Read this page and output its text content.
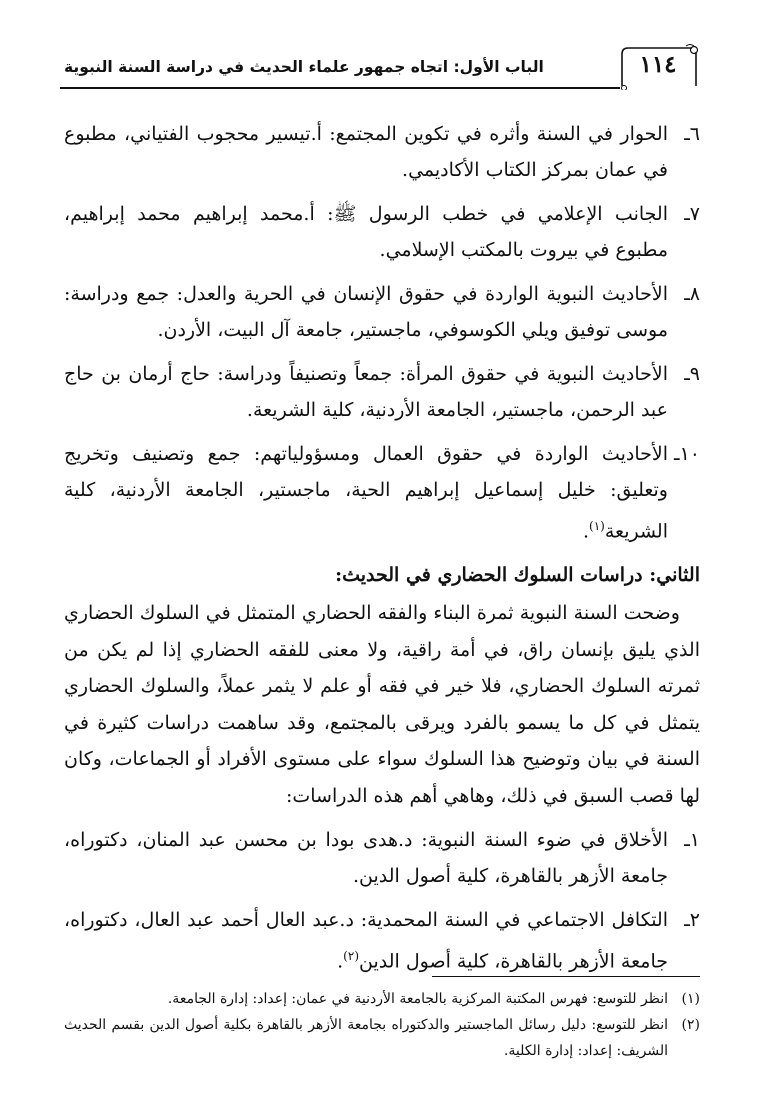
١١٤
الباب الأول: اتجاه جمهور علماء الحديث في دراسة السنة النبوية
٦ـ
الحوار في السنة وأثره في تكوين المجتمع: أ.تيسير محجوب الفتياني، مطبوع في عمان بمركز الكتاب الأكاديمي.
٧ـ
الجانب الإعلامي في خطب الرسول ﷺ: أ.محمد إبراهيم محمد إبراهيم، مطبوع في بيروت بالمكتب الإسلامي.
٨ـ
الأحاديث النبوية الواردة في حقوق الإنسان في الحرية والعدل: جمع ودراسة: موسى توفيق ويلي الكوسوفي، ماجستير، جامعة آل البيت، الأردن.
٩ـ
الأحاديث النبوية في حقوق المرأة: جمعاً وتصنيفاً ودراسة: حاج أرمان بن حاج عبد الرحمن، ماجستير، الجامعة الأردنية، كلية الشريعة.
١٠ـ
الأحاديث الواردة في حقوق العمال ومسؤولياتهم: جمع وتصنيف وتخريج وتعليق: خليل إسماعيل إبراهيم الحية، ماجستير، الجامعة الأردنية، كلية الشريعة$^{(١)}$.
الثاني: دراسات السلوك الحضاري في الحديث:
وضحت السنة النبوية ثمرة البناء والفقه الحضاري المتمثل في السلوك الحضاري الذي يليق بإنسان راق، في أمة راقية، ولا معنى للفقه الحضاري إذا لم يكن من ثمرته السلوك الحضاري، فلا خير في فقه أو علم لا يثمر عملاً، والسلوك الحضاري يتمثل في كل ما يسمو بالفرد ويرقى بالمجتمع، وقد ساهمت دراسات كثيرة في السنة في بيان وتوضيح هذا السلوك سواء على مستوى الأفراد أو الجماعات، وكان لها قصب السبق في ذلك، وهاهي أهم هذه الدراسات:
١ـ
الأخلاق في ضوء السنة النبوية: د.هدى بودا بن محسن عبد المنان، دكتوراه، جامعة الأزهر بالقاهرة، كلية أصول الدين.
٢ـ
التكافل الاجتماعي في السنة المحمدية: د.عبد العال أحمد عبد العال، دكتوراه، جامعة الأزهر بالقاهرة، كلية أصول الدين$^{(٢)}$.
(١)
انظر للتوسع: فهرس المكتبة المركزية بالجامعة الأردنية في عمان: إعداد: إدارة الجامعة.
(٢)
انظر للتوسع: دليل رسائل الماجستير والدكتوراه بجامعة الأزهر بالقاهرة بكلية أصول الدين بقسم الحديث الشريف: إعداد: إدارة الكلية.
